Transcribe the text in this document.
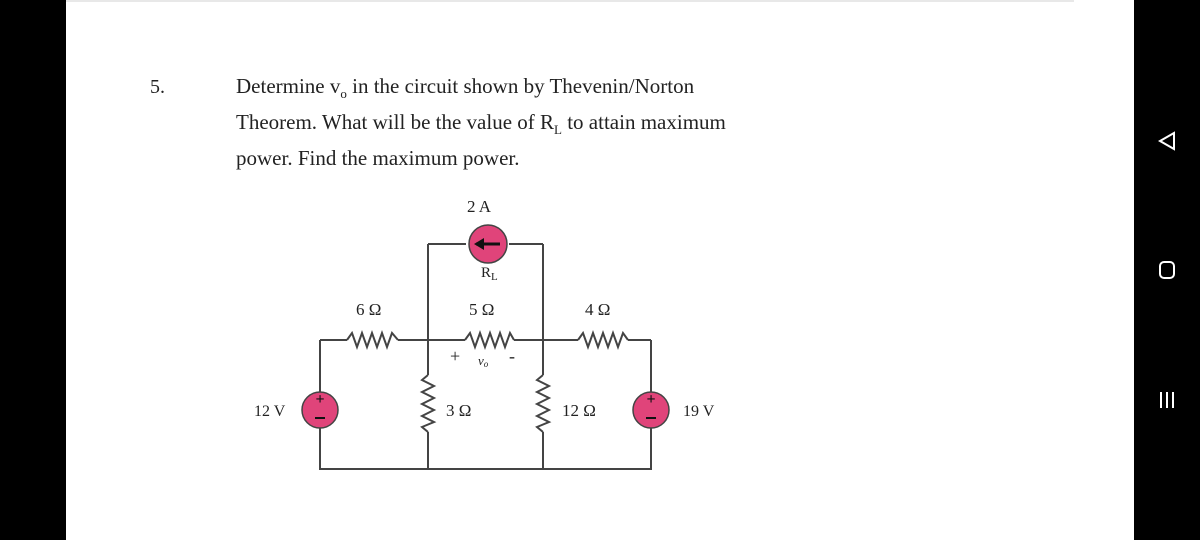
5.	Determine $v_o$ in the circuit shown by Thevenin/Norton
Theorem. What will be the value of $R_L$ to attain maximum
power. Find the maximum power.
+	+
2 A
$R_L$
6 Ω	5 Ω	4 Ω
+ vo -
3 Ω	12 Ω
12 V	19 V
